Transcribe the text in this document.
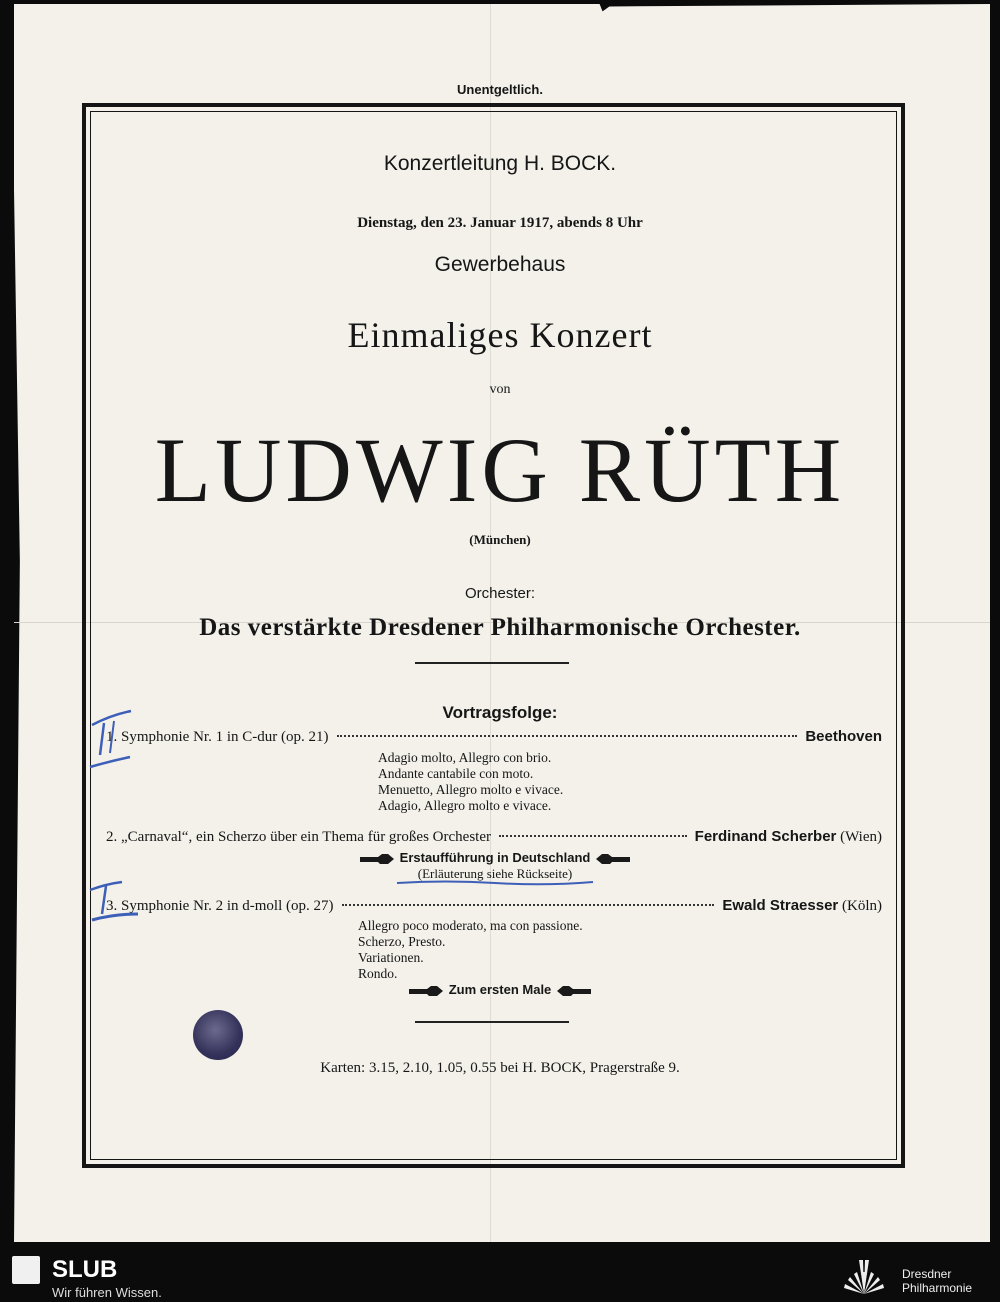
Unentgeltlich.
Konzertleitung H. BOCK.
Dienstag, den 23. Januar 1917, abends 8 Uhr
Gewerbehaus
Einmaliges Konzert
von
LUDWIG RÜTH
(München)
Orchester:
Das verstärkte Dresdener Philharmonische Orchester.
Vortragsfolge:
1. Symphonie Nr. 1 in C-dur (op. 21)	Beethoven
Adagio molto, Allegro con brio.
Andante cantabile con moto.
Menuetto, Allegro molto e vivace.
Adagio, Allegro molto e vivace.
2. „Carnaval“, ein Scherzo über ein Thema für großes Orchester	Ferdinand Scherber (Wien)
Erstaufführung in Deutschland
(Erläuterung siehe Rückseite)
3. Symphonie Nr. 2 in d-moll (op. 27)	Ewald Straesser (Köln)
Allegro poco moderato, ma con passione.
Scherzo, Presto.
Variationen.
Rondo.
Zum ersten Male
Karten: 3.15, 2.10, 1.05, 0.55 bei H. BOCK, Pragerstraße 9.
SLUB
Wir führen Wissen.
Dresdner
Philharmonie
